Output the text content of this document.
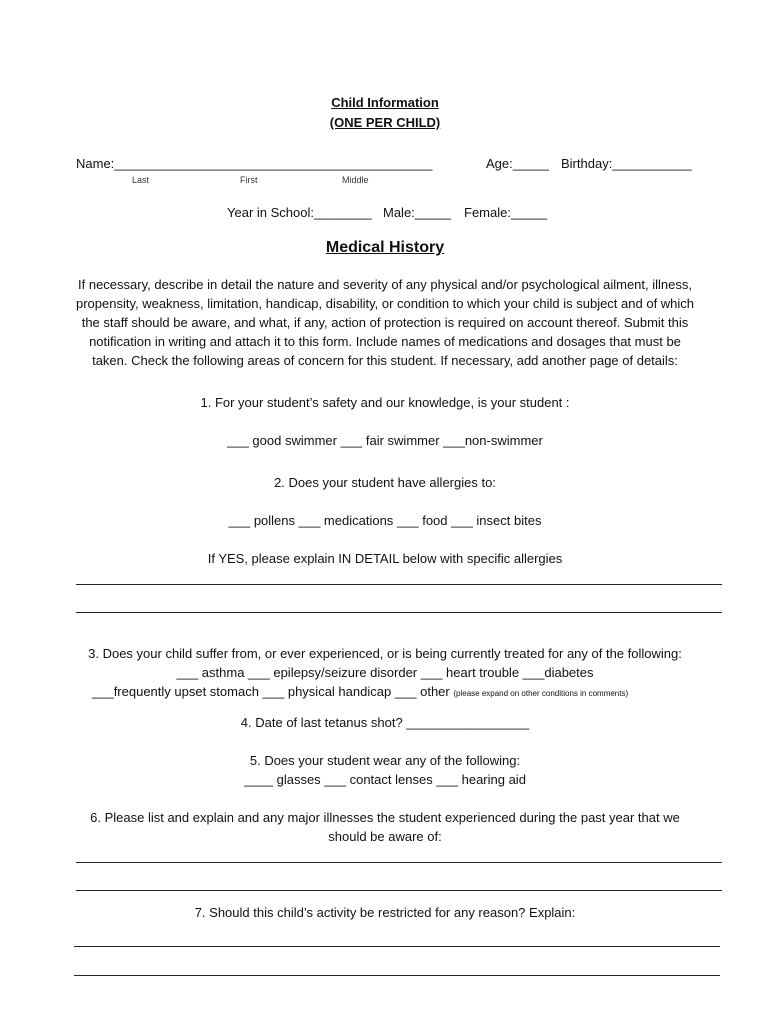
Child Information
(ONE PER CHILD)
Name:____________________________________________	Age:_____ Birthday:___________
Last	First	Middle
Year in School:________ Male:_____ Female:_____
Medical History
If necessary, describe in detail the nature and severity of any physical and/or psychological ailment, illness,
propensity, weakness, limitation, handicap, disability, or condition to which your child is subject and of which
the staff should be aware, and what, if any, action of protection is required on account thereof. Submit this
notification in writing and attach it to this form. Include names of medications and dosages that must be
taken. Check the following areas of concern for this student. If necessary, add another page of details:
1. For your student’s safety and our knowledge, is your student :
___ good swimmer ___ fair swimmer ___non-swimmer
2. Does your student have allergies to:
___ pollens ___ medications ___ food ___ insect bites
If YES, please explain IN DETAIL below with specific allergies
3. Does your child suffer from, or ever experienced, or is being currently treated for any of the following:
___ asthma ___ epilepsy/seizure disorder ___ heart trouble ___diabetes
___frequently upset stomach ___ physical handicap ___ other (please expand on other conditions in comments)
4. Date of last tetanus shot? _________________
5. Does your student wear any of the following:
____ glasses ___ contact lenses ___ hearing aid
6. Please list and explain and any major illnesses the student experienced during the past year that we
should be aware of:
7. Should this child’s activity be restricted for any reason? Explain:
